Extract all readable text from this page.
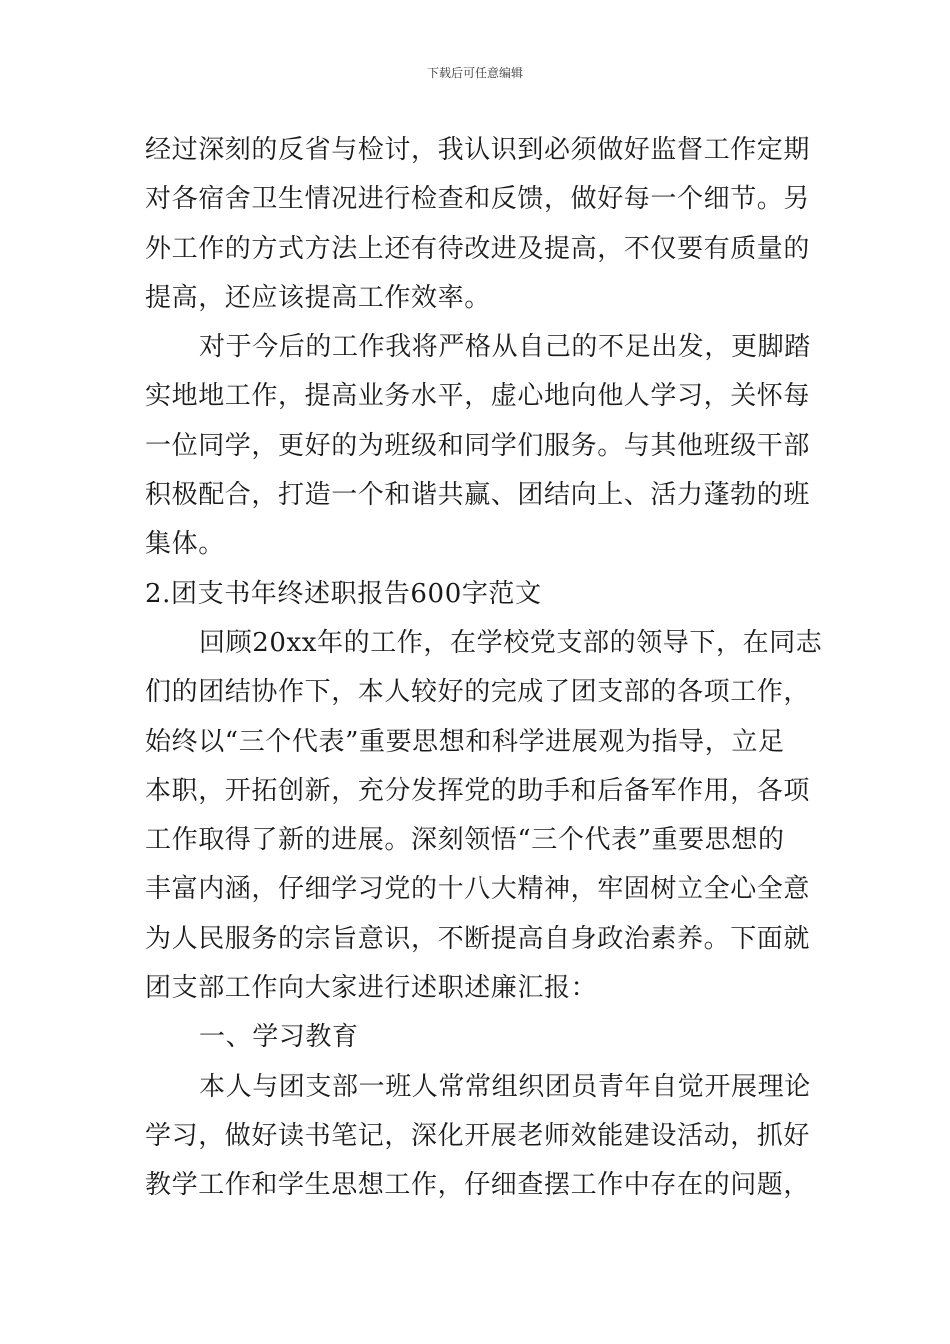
下载后可任意编辑
经过深刻的反省与检讨，我认识到必须做好监督工作定期
对各宿舍卫生情况进行检查和反馈，做好每一个细节。另
外工作的方式方法上还有待改进及提高，不仅要有质量的
提高，还应该提高工作效率。
对于今后的工作我将严格从自己的不足出发，更脚踏
实地地工作，提高业务水平，虚心地向他人学习，关怀每
一位同学，更好的为班级和同学们服务。与其他班级干部
积极配合，打造一个和谐共赢、团结向上、活力蓬勃的班
集体。
2.团支书年终述职报告600字范文
回顾20xx年的工作，在学校党支部的领导下，在同志
们的团结协作下，本人较好的完成了团支部的各项工作，
始终以“三个代表”重要思想和科学进展观为指导，立足
本职，开拓创新，充分发挥党的助手和后备军作用，各项
工作取得了新的进展。深刻领悟“三个代表”重要思想的
丰富内涵，仔细学习党的十八大精神，牢固树立全心全意
为人民服务的宗旨意识，不断提高自身政治素养。下面就
团支部工作向大家进行述职述廉汇报：
一、学习教育
本人与团支部一班人常常组织团员青年自觉开展理论
学习，做好读书笔记，深化开展老师效能建设活动，抓好
教学工作和学生思想工作，仔细查摆工作中存在的问题，
